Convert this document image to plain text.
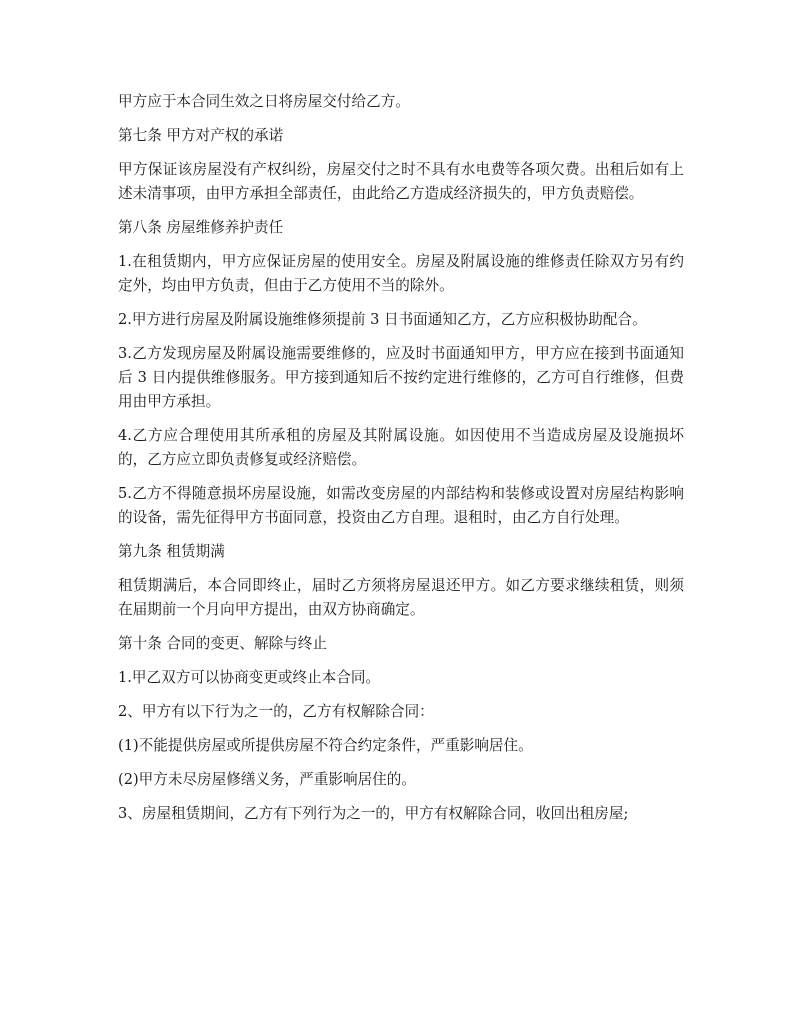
甲方应于本合同生效之日将房屋交付给乙方。

第七条 甲方对产权的承诺

甲方保证该房屋没有产权纠纷，房屋交付之时不具有水电费等各项欠费。出租后如有上述未清事项，由甲方承担全部责任，由此给乙方造成经济损失的，甲方负责赔偿。

第八条 房屋维修养护责任

1.在租赁期内，甲方应保证房屋的使用安全。房屋及附属设施的维修责任除双方另有约定外，均由甲方负责，但由于乙方使用不当的除外。

2.甲方进行房屋及附属设施维修须提前 3 日书面通知乙方，乙方应积极协助配合。

3.乙方发现房屋及附属设施需要维修的，应及时书面通知甲方，甲方应在接到书面通知后 3 日内提供维修服务。甲方接到通知后不按约定进行维修的，乙方可自行维修，但费用由甲方承担。

4.乙方应合理使用其所承租的房屋及其附属设施。如因使用不当造成房屋及设施损坏的，乙方应立即负责修复或经济赔偿。

5.乙方不得随意损坏房屋设施，如需改变房屋的内部结构和装修或设置对房屋结构影响的设备，需先征得甲方书面同意，投资由乙方自理。退租时，由乙方自行处理。

第九条 租赁期满

租赁期满后，本合同即终止，届时乙方须将房屋退还甲方。如乙方要求继续租赁，则须在届期前一个月向甲方提出，由双方协商确定。

第十条 合同的变更、解除与终止

1.甲乙双方可以协商变更或终止本合同。

2、甲方有以下行为之一的，乙方有权解除合同：

(1)不能提供房屋或所提供房屋不符合约定条件，严重影响居住。

(2)甲方未尽房屋修缮义务，严重影响居住的。

3、房屋租赁期间，乙方有下列行为之一的，甲方有权解除合同，收回出租房屋;
